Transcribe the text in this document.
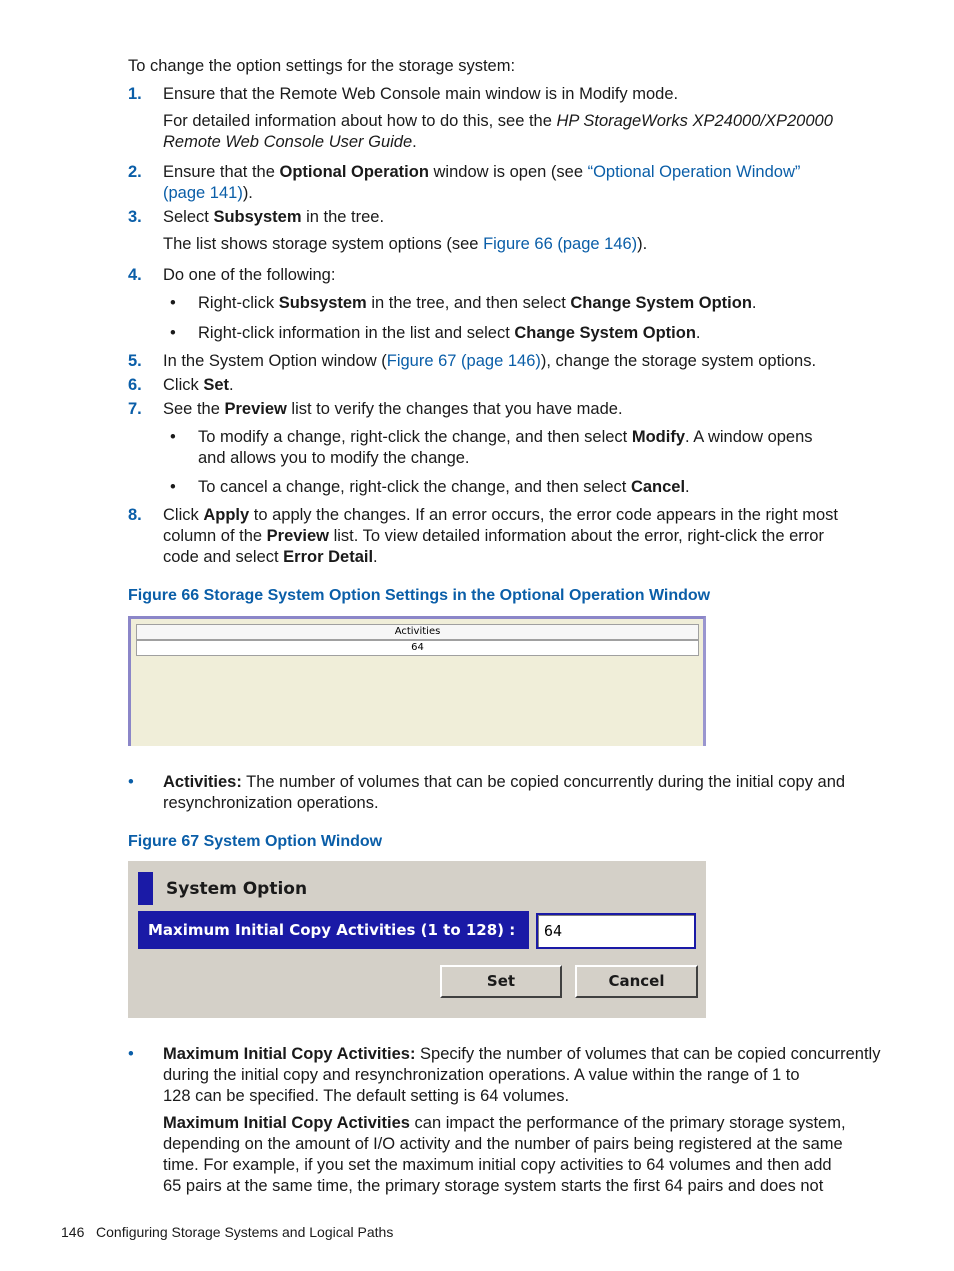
To change the option settings for the storage system:
1. Ensure that the Remote Web Console main window is in Modify mode.
For detailed information about how to do this, see the HP StorageWorks XP24000/XP20000
Remote Web Console User Guide.
2. Ensure that the Optional Operation window is open (see “Optional Operation Window”
(page 141)).
3. Select Subsystem in the tree.
The list shows storage system options (see Figure 66 (page 146)).
4. Do one of the following:
• Right-click Subsystem in the tree, and then select Change System Option.
• Right-click information in the list and select Change System Option.
5. In the System Option window (Figure 67 (page 146)), change the storage system options.
6. Click Set.
7. See the Preview list to verify the changes that you have made.
• To modify a change, right-click the change, and then select Modify. A window opens
and allows you to modify the change.
• To cancel a change, right-click the change, and then select Cancel.
8. Click Apply to apply the changes. If an error occurs, the error code appears in the right most
column of the Preview list. To view detailed information about the error, right-click the error
code and select Error Detail.
Figure 66 Storage System Option Settings in the Optional Operation Window
Activities
64
• Activities: The number of volumes that can be copied concurrently during the initial copy and
resynchronization operations.
Figure 67 System Option Window
System Option
Maximum Initial Copy Activities (1 to 128) :	64
Set	Cancel
• Maximum Initial Copy Activities: Specify the number of volumes that can be copied concurrently
during the initial copy and resynchronization operations. A value within the range of 1 to
128 can be specified. The default setting is 64 volumes.
Maximum Initial Copy Activities can impact the performance of the primary storage system,
depending on the amount of I/O activity and the number of pairs being registered at the same
time. For example, if you set the maximum initial copy activities to 64 volumes and then add
65 pairs at the same time, the primary storage system starts the first 64 pairs and does not
146 Configuring Storage Systems and Logical Paths
